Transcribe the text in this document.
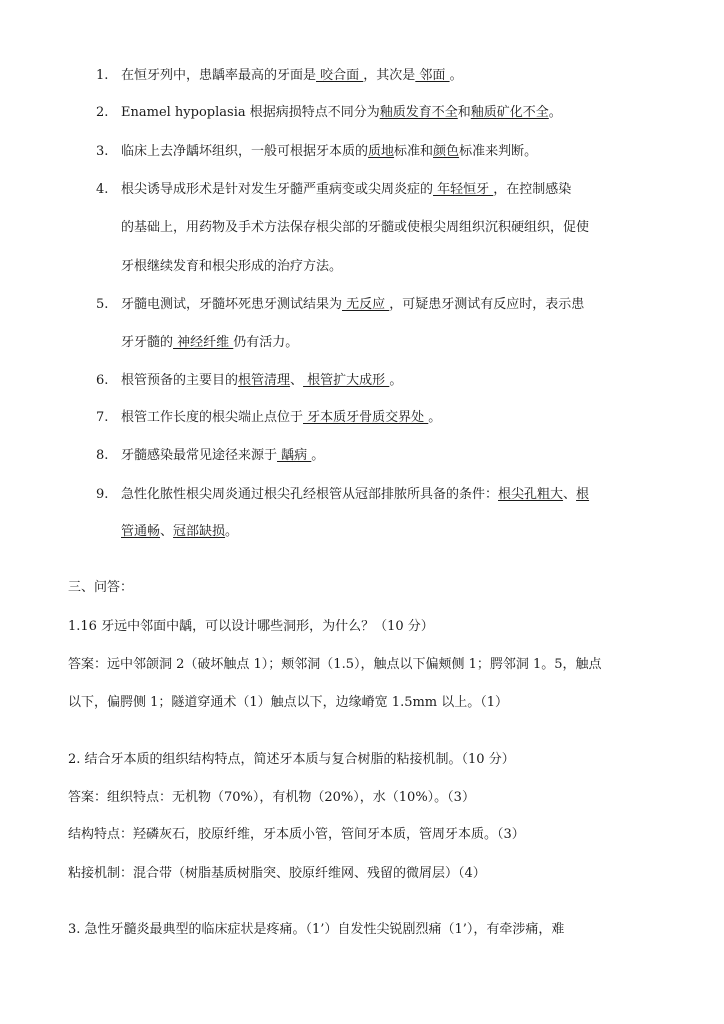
1. 在恒牙列中，患龋率最高的牙面是 咬合面 ，其次是 邻面 。
2. Enamel hypoplasia 根据病损特点不同分为釉质发育不全和釉质矿化不全。
3. 临床上去净龋坏组织，一般可根据牙本质的质地标准和颜色标准来判断。
4. 根尖诱导成形术是针对发生牙髓严重病变或尖周炎症的 年轻恒牙 ，在控制感染
的基础上，用药物及手术方法保存根尖部的牙髓或使根尖周组织沉积硬组织，促使
牙根继续发育和根尖形成的治疗方法。
5. 牙髓电测试，牙髓坏死患牙测试结果为 无反应 ，可疑患牙测试有反应时，表示患
牙牙髓的 神经纤维 仍有活力。
6. 根管预备的主要目的根管清理、 根管扩大成形 。
7. 根管工作长度的根尖端止点位于 牙本质牙骨质交界处 。
8. 牙髓感染最常见途径来源于 龋病 。
9. 急性化脓性根尖周炎通过根尖孔经根管从冠部排脓所具备的条件：根尖孔粗大、根
管通畅、冠部缺损。
三、问答：
1.16 牙远中邻面中龋，可以设计哪些洞形，为什么？（10 分）
答案：远中邻颌洞 2（破坏触点 1）；颊邻洞（1.5），触点以下偏颊侧 1；腭邻洞 1。5，触点
以下，偏腭侧 1；隧道穿通术（1）触点以下，边缘嵴宽 1.5mm 以上。（1）
2. 结合牙本质的组织结构特点，简述牙本质与复合树脂的粘接机制。（10 分）
答案：组织特点：无机物（70%），有机物（20%），水（10%）。（3）
结构特点：羟磷灰石，胶原纤维，牙本质小管，管间牙本质，管周牙本质。（3）
粘接机制：混合带（树脂基质树脂突、胶原纤维网、残留的微屑层）（4）
3. 急性牙髓炎最典型的临床症状是疼痛。（1’）自发性尖锐剧烈痛（1’），有牵涉痛，难
